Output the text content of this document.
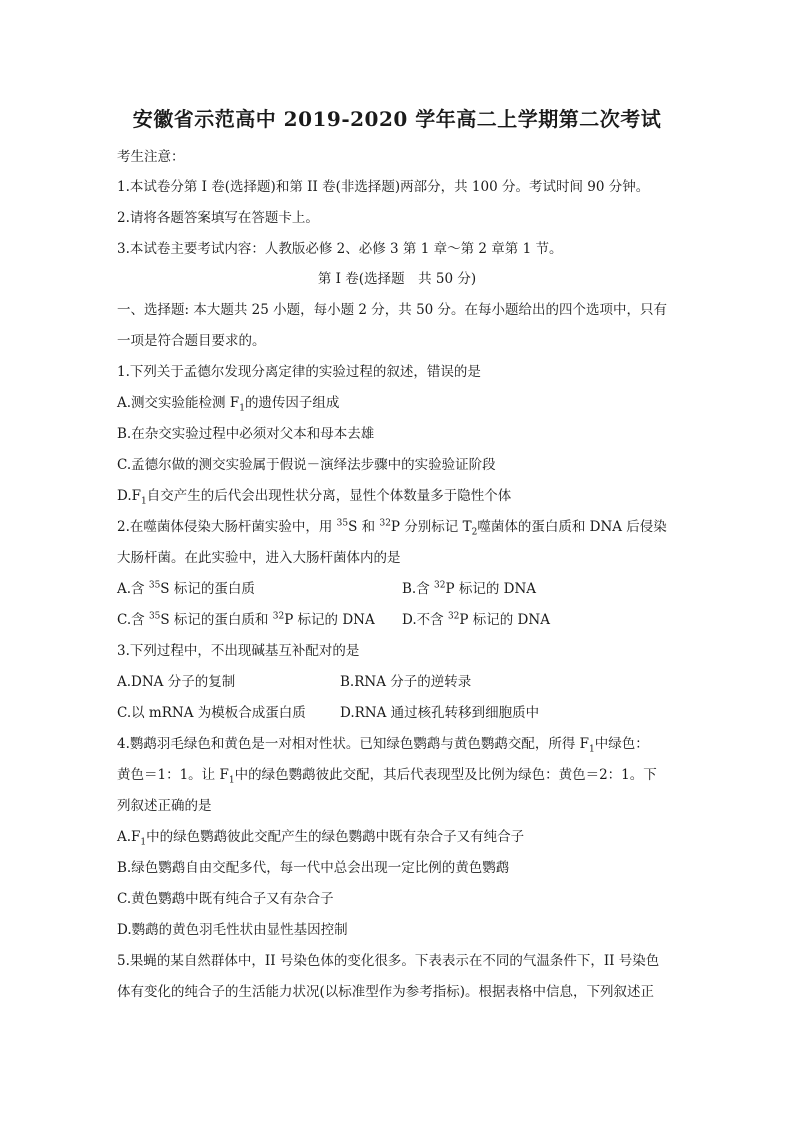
安徽省示范高中 2019-2020 学年高二上学期第二次考试
考生注意：
1.本试卷分第 I 卷(选择题)和第 II 卷(非选择题)两部分，共 100 分。考试时间 90 分钟。
2.请将各题答案填写在答题卡上。
3.本试卷主要考试内容：人教版必修 2、必修 3 第 1 章～第 2 章第 1 节。
第 I 卷(选择题　共 50 分)
一、选择题: 本大题共 25 小题，每小题 2 分，共 50 分。在每小题给出的四个选项中，只有
一项是符合题目要求的。
1.下列关于孟德尔发现分离定律的实验过程的叙述，错误的是
A.测交实验能检测 $F_1$的遗传因子组成
B.在杂交实验过程中必须对父本和母本去雄
C.孟德尔做的测交实验属于假说－演绎法步骤中的实验验证阶段
$D.F_1$自交产生的后代会出现性状分离，显性个体数量多于隐性个体
2.在噬菌体侵染大肠杆菌实验中，用 $^{35}$S 和 $^{32}$P 分别标记 $T_2$噬菌体的蛋白质和 DNA 后侵染
大肠杆菌。在此实验中，进入大肠杆菌体内的是
A.含 $^{35}$S 标记的蛋白质	B.含 $^{32}$P 标记的 DNA
C.含 $^{35}$S 标记的蛋白质和 $^{32}$P 标记的 DNA D.不含 $^{32}$P 标记的 DNA
3.下列过程中，不出现碱基互补配对的是
A.DNA 分子的复制	B.RNA 分子的逆转录
C.以 mRNA 为模板合成蛋白质	D.RNA 通过核孔转移到细胞质中
4.鹦鹉羽毛绿色和黄色是一对相对性状。已知绿色鹦鹉与黄色鹦鹉交配，所得 $F_1$中绿色：
黄色＝1：1。让 $F_1$中的绿色鹦鹉彼此交配，其后代表现型及比例为绿色：黄色＝2：1。下
列叙述正确的是
$A.F_1$中的绿色鹦鹉彼此交配产生的绿色鹦鹉中既有杂合子又有纯合子
B.绿色鹦鹉自由交配多代，每一代中总会出现一定比例的黄色鹦鹉
C.黄色鹦鹉中既有纯合子又有杂合子
D.鹦鹉的黄色羽毛性状由显性基因控制
5.果蝇的某自然群体中，II 号染色体的变化很多。下表表示在不同的气温条件下，II 号染色
体有变化的纯合子的生活能力状况(以标准型作为参考指标)。根据表格中信息，下列叙述正
